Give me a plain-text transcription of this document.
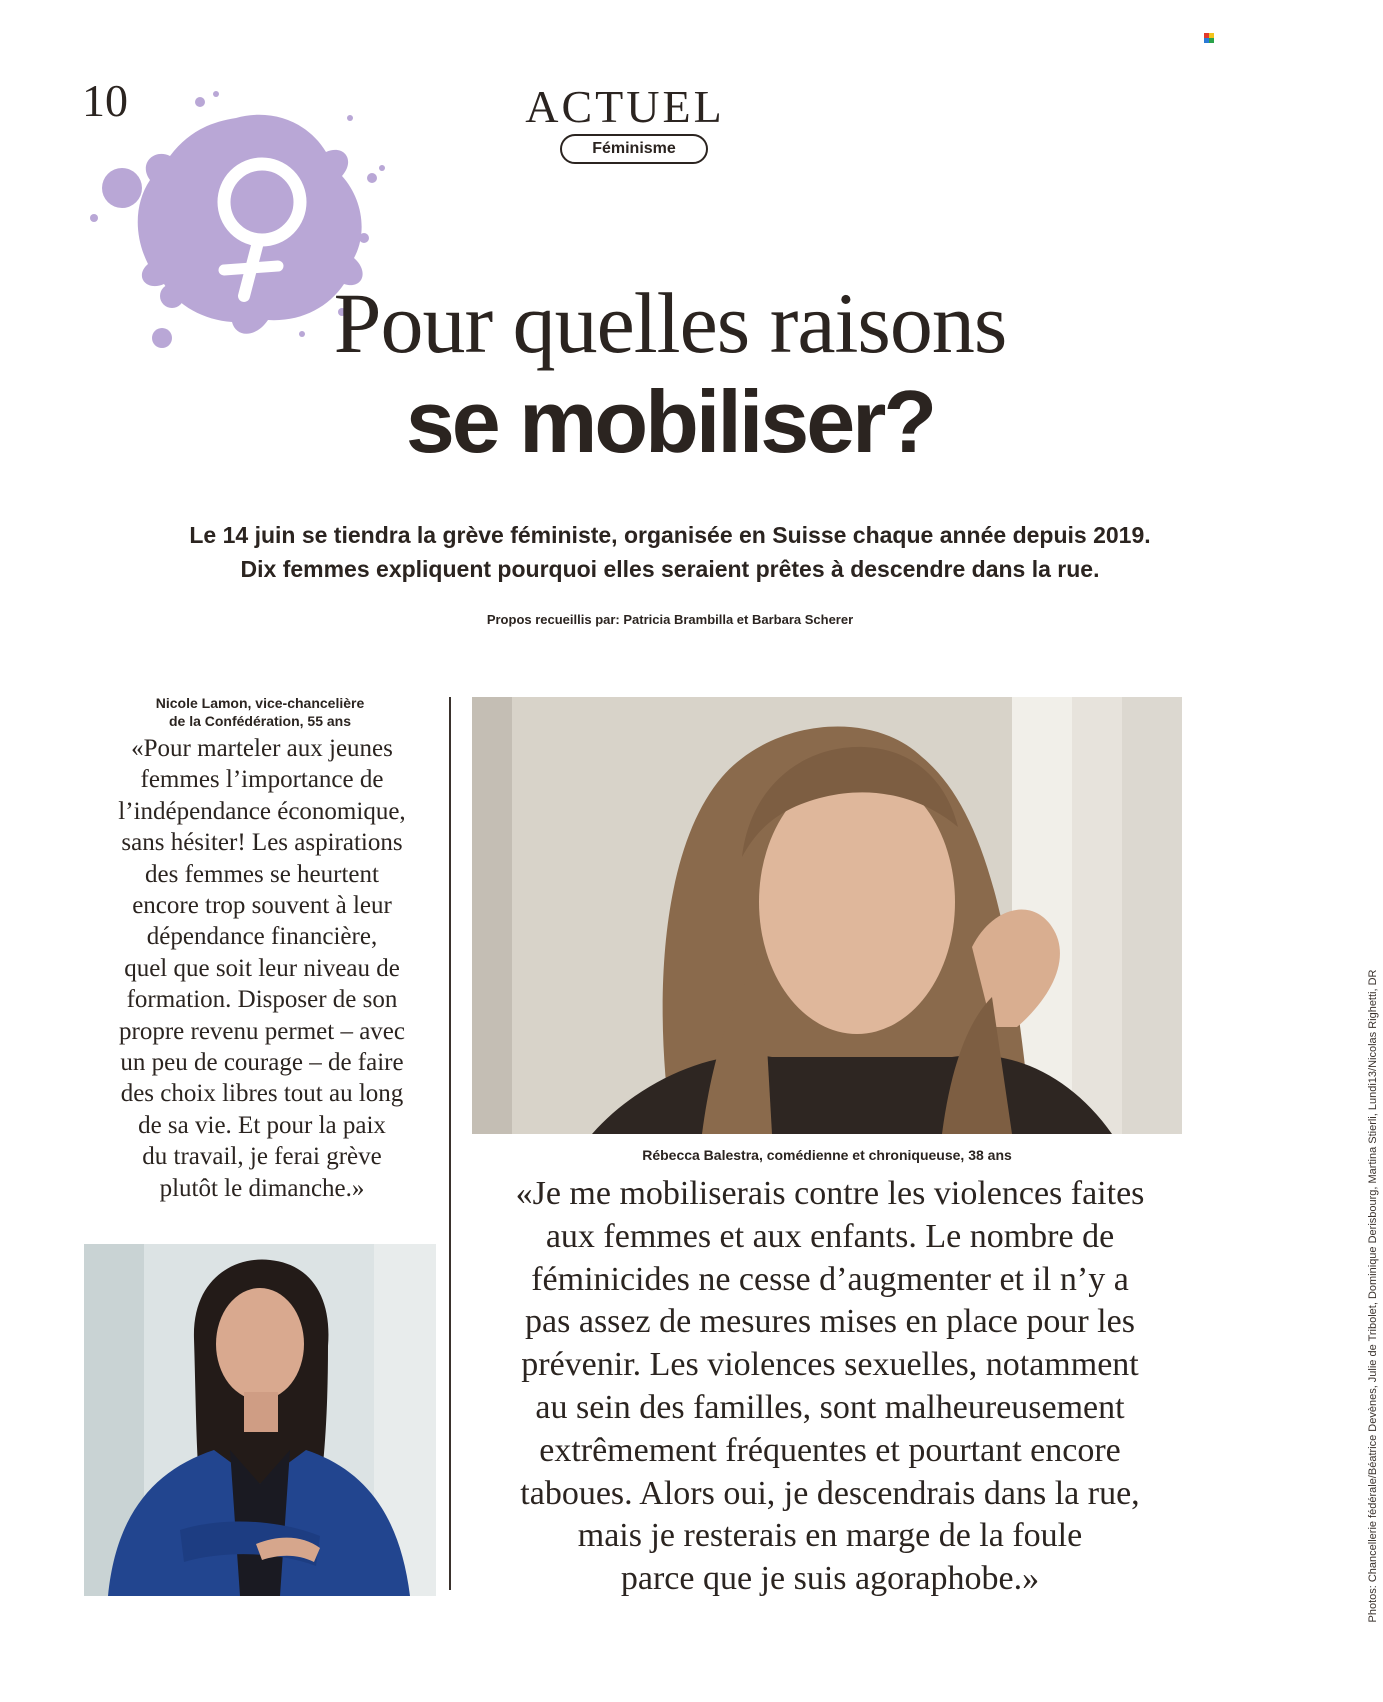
10	ACTUEL
Féminisme
Pour quelles raisons
se mobiliser?
Le 14 juin se tiendra la grève féministe, organisée en Suisse chaque année depuis 2019.
Dix femmes expliquent pourquoi elles seraient prêtes à descendre dans la rue.
Propos recueillis par: Patricia Brambilla et Barbara Scherer
Nicole Lamon, vice-chancelière
de la Confédération, 55 ans
«Pour marteler aux jeunes
femmes l’importance de
l’indépendance économique,
sans hésiter! Les aspirations
des femmes se heurtent
encore trop souvent à leur
dépendance financière,
quel que soit leur niveau de
formation. Disposer de son
propre revenu permet – avec
un peu de courage – de faire
des choix libres tout au long
de sa vie. Et pour la paix
du travail, je ferai grève
plutôt le dimanche.»
Rébecca Balestra, comédienne et chroniqueuse, 38 ans
«Je me mobiliserais contre les violences faites
aux femmes et aux enfants. Le nombre de
féminicides ne cesse d’augmenter et il n’y a
pas assez de mesures mises en place pour les
prévenir. Les violences sexuelles, notamment
au sein des familles, sont malheureusement
extrêmement fréquentes et pourtant encore
taboues. Alors oui, je descendrais dans la rue,
mais je resterais en marge de la foule
parce que je suis agoraphobe.»	Photos: Chancellerie fédérale/Béatrice Devènes, Julie de Tribolet, Dominique Derisbourg, Martina Stierli, Lundi13/Nicolas Righetti, DR
